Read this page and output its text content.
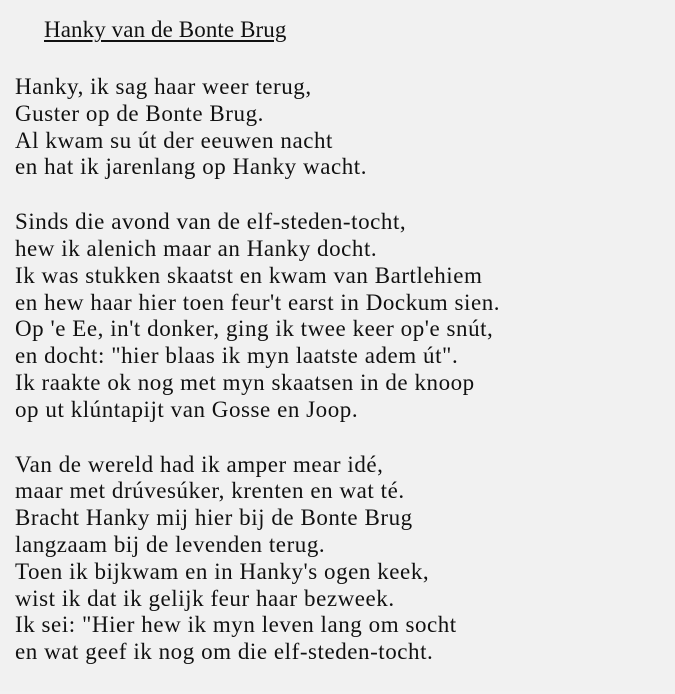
Hanky van de Bonte Brug
Hanky, ik sag haar weer terug,
Guster op de Bonte Brug.
Al kwam su út der eeuwen nacht
en hat ik jarenlang op Hanky wacht.
Sinds die avond van de elf-steden-tocht,
hew ik alenich maar an Hanky docht.
Ik was stukken skaatst en kwam van Bartlehiem
en hew haar hier toen feur't earst in Dockum sien.
Op 'e Ee, in't donker, ging ik twee keer op'e snút,
en docht: "hier blaas ik myn laatste adem út".
Ik raakte ok nog met myn skaatsen in de knoop
op ut klúntapijt van Gosse en Joop.
Van de wereld had ik amper mear idé,
maar met drúvesúker, krenten en wat té.
Bracht Hanky mij hier bij de Bonte Brug
langzaam bij de levenden terug.
Toen ik bijkwam en in Hanky's ogen keek,
wist ik dat ik gelijk feur haar bezweek.
Ik sei: "Hier hew ik myn leven lang om socht
en wat geef ik nog om die elf-steden-tocht.
